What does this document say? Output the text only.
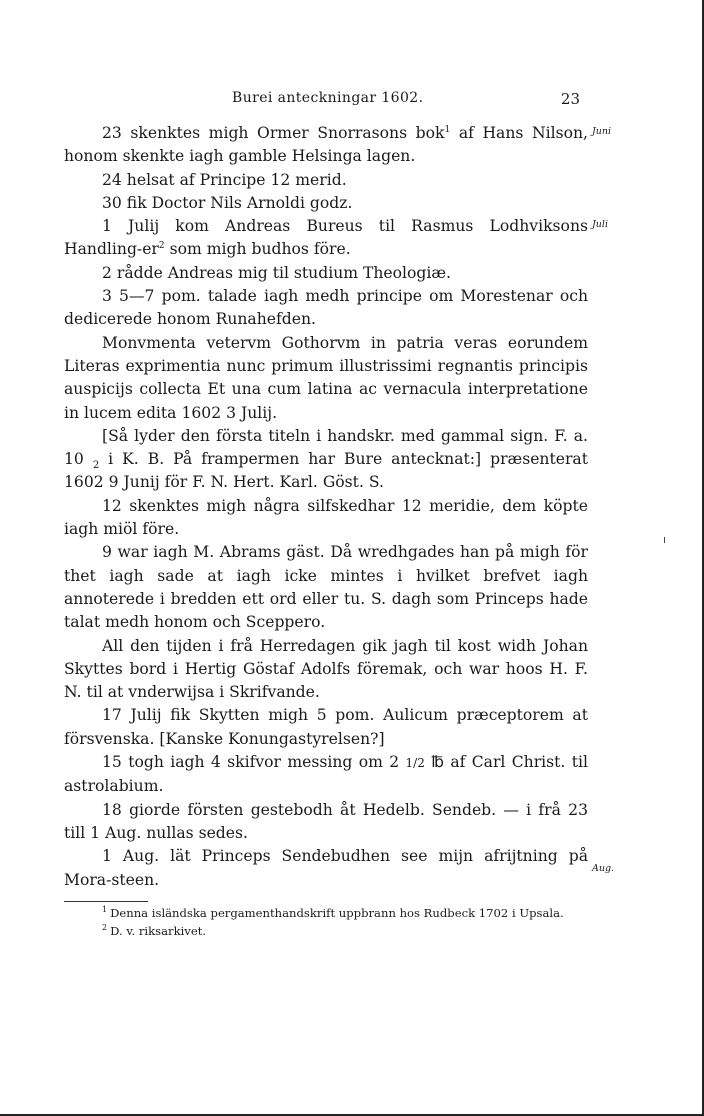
Burei anteckningar 1602.	23
Juni
Juli
Aug.

23 skenktes migh Ormer Snorrasons bok$^1$ af Hans Nilson, honom skenkte iagh gamble Helsinga lagen.

24 helsat af Principe 12 merid.

30 fik Doctor Nils Arnoldi godz.

1 Julij kom Andreas Bureus til Rasmus Lodhviksons Handling-$er^2$ som migh budhos före.

2 rådde Andreas mig til studium Theologiæ.

3 5—7 pom. talade iagh medh principe om Morestenar och dedicerede honom Runahefden.

Monvmenta vetervm Gothorvm in patria veras eorundem Literas exprimentia nunc primum illustrissimi regnantis principis auspicijs collecta Et una cum latina ac vernacula interpretatione in lucem edita 1602 3 Julij.

[Så lyder den första titeln i handskr. med gammal sign. F. a. 10 $_2$ i K. B. På frampermen har Bure antecknat:] præsenterat 1602 9 Junij för F. N. Hert. Karl. Göst. S.

12 skenktes migh några silfskedhar 12 meridie, dem köpte iagh miöl före.

9 war iagh M. Abrams gäst. Då wredhgades han på migh för thet iagh sade at iagh icke mintes i hvilket brefvet iagh annoterede i bredden ett ord eller tu. S. dagh som Princeps hade talat medh honom och Sceppero.

All den tijden i frå Herredagen gik jagh til kost widh Johan Skyttes bord i Hertig Göstaf Adolfs föremak, och war hoos H. F. N. til at vnderwijsa i Skrifvande.

17 Julij fik Skytten migh 5 pom. Aulicum præceptorem at försvenska. [Kanske Konungastyrelsen?]

15 togh iagh 4 skifvor messing om 2 1/2 ℔ af Carl Christ. til astrolabium.

18 giorde försten gestebodh åt Hedelb. Sendeb. — i frå 23 till 1 Aug. nullas sedes.

1 Aug. lät Princeps Sendebudhen see mijn afrijtning på Mora-steen.

$^1$ Denna isländska pergamenthandskrift uppbrann hos Rudbeck 1702 i Upsala.
$^2$ D. v. riksarkivet.
